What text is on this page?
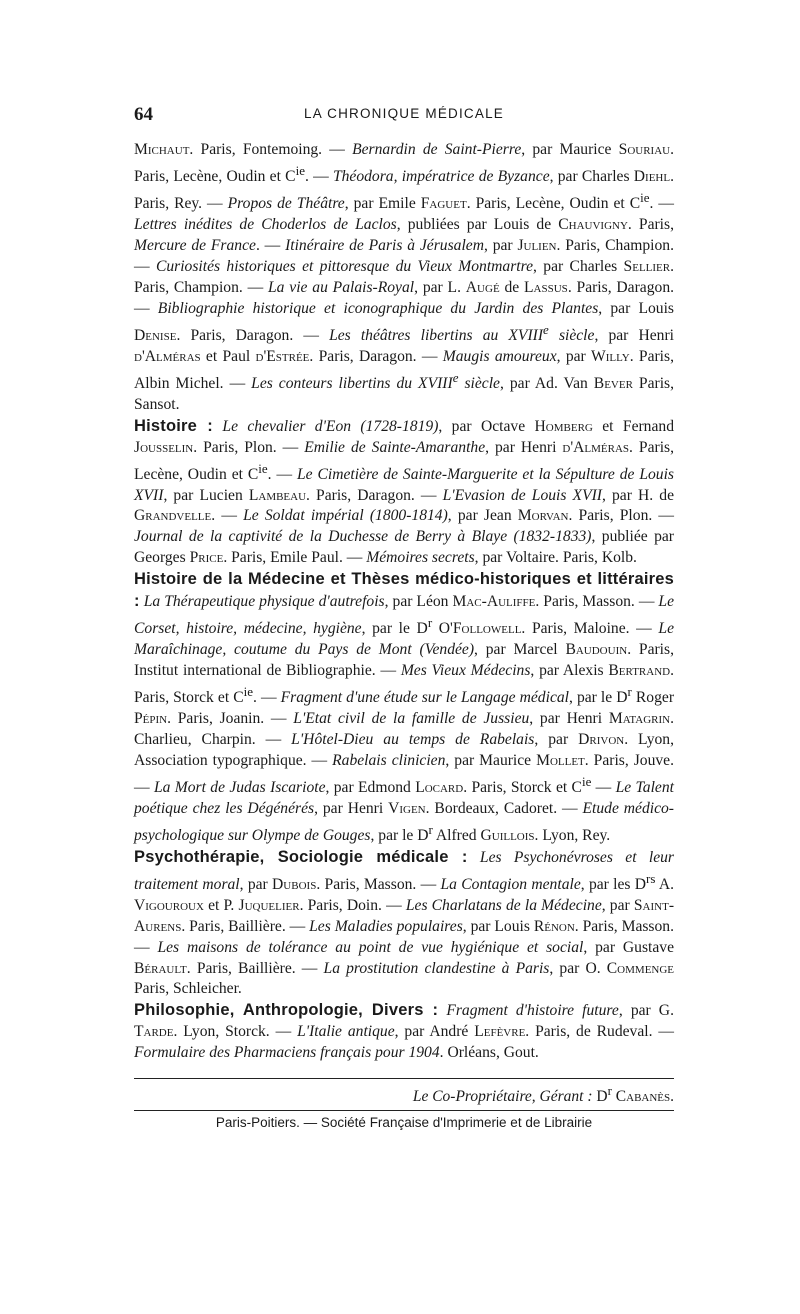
64	LA CHRONIQUE MÉDICALE

Michaut. Paris, Fontemoing. — Bernardin de Saint-Pierre, par Maurice Souriau. Paris, Lecène, Oudin et $C^{ie}$. — Théodora, impératrice de Byzance, par Charles Diehl. Paris, Rey. — Propos de Théâtre, par Emile Faguet. Paris, Lecène, Oudin et $C^{ie}$. — Lettres inédites de Choderlos de Laclos, publiées par Louis de Chauvigny. Paris, Mercure de France. — Itinéraire de Paris à Jérusalem, par Julien. Paris, Champion. — Curiosités historiques et pittoresque du Vieux Montmartre, par Charles Sellier. Paris, Champion. — La vie au Palais-Royal, par L. Augé de Lassus. Paris, Daragon. — Bibliographie historique et iconographique du Jardin des Plantes, par Louis Denise. Paris, Daragon. — Les théâtres libertins au XVIIIe siècle, par Henri d'Alméras et Paul d'Estrée. Paris, Daragon. — Maugis amoureux, par Willy. Paris, Albin Michel. — Les conteurs libertins du XVIIIe siècle, par Ad. Van Bever Paris, Sansot.

Histoire : Le chevalier d'Eon (1728-1819), par Octave Homberg et Fernand Jousselin. Paris, Plon. — Emilie de Sainte-Amaranthe, par Henri d'Alméras. Paris, Lecène, Oudin et $C^{ie}$. — Le Cimetière de Sainte-Marguerite et la Sépulture de Louis XVII, par Lucien Lambeau. Paris, Daragon. — L'Evasion de Louis XVII, par H. de Grandvelle. — Le Soldat impérial (1800-1814), par Jean Morvan. Paris, Plon. — Journal de la captivité de la Duchesse de Berry à Blaye (1832-1833), publiée par Georges Price. Paris, Emile Paul. — Mémoires secrets, par Voltaire. Paris, Kolb.

Histoire de la Médecine et Thèses médico-historiques et littéraires : La Thérapeutique physique d'autrefois, par Léon Mac-Auliffe. Paris, Masson. — Le Corset, histoire, médecine, hygiène, par le $D^r$ O'Followell. Paris, Maloine. — Le Maraîchinage, coutume du Pays de Mont (Vendée), par Marcel Baudouin. Paris, Institut international de Bibliographie. — Mes Vieux Médecins, par Alexis Bertrand. Paris, Storck et $C^{ie}$. — Fragment d'une étude sur le Langage médical, par le $D^r$ Roger Pépin. Paris, Joanin. — L'Etat civil de la famille de Jussieu, par Henri Matagrin. Charlieu, Charpin. — L'Hôtel-Dieu au temps de Rabelais, par Drivon. Lyon, Association typographique. — Rabelais clinicien, par Maurice Mollet. Paris, Jouve. — La Mort de Judas Iscariote, par Edmond Locard. Paris, Storck et $C^{ie}$ — Le Talent poétique chez les Dégénérés, par Henri Vigen. Bordeaux, Cadoret. — Etude médico-psychologique sur Olympe de Gouges, par le $D^r$ Alfred Guillois. Lyon, Rey.

Psychothérapie, Sociologie médicale : Les Psychonévroses et leur traitement moral, par Dubois. Paris, Masson. — La Contagion mentale, par les $D^{rs}$ A. Vigouroux et P. Juquelier. Paris, Doin. — Les Charlatans de la Médecine, par Saint-Aurens. Paris, Baillière. — Les Maladies populaires, par Louis Rénon. Paris, Masson. — Les maisons de tolérance au point de vue hygiénique et social, par Gustave Bérault. Paris, Baillière. — La prostitution clandestine à Paris, par O. Commenge Paris, Schleicher.

Philosophie, Anthropologie, Divers : Fragment d'histoire future, par G. Tarde. Lyon, Storck. — L'Italie antique, par André Lefèvre. Paris, de Rudeval. — Formulaire des Pharmaciens français pour 1904. Orléans, Gout.

Le Co-Propriétaire, Gérant : $D^r$ Cabanès.
Paris-Poitiers. — Société Française d'Imprimerie et de Librairie
